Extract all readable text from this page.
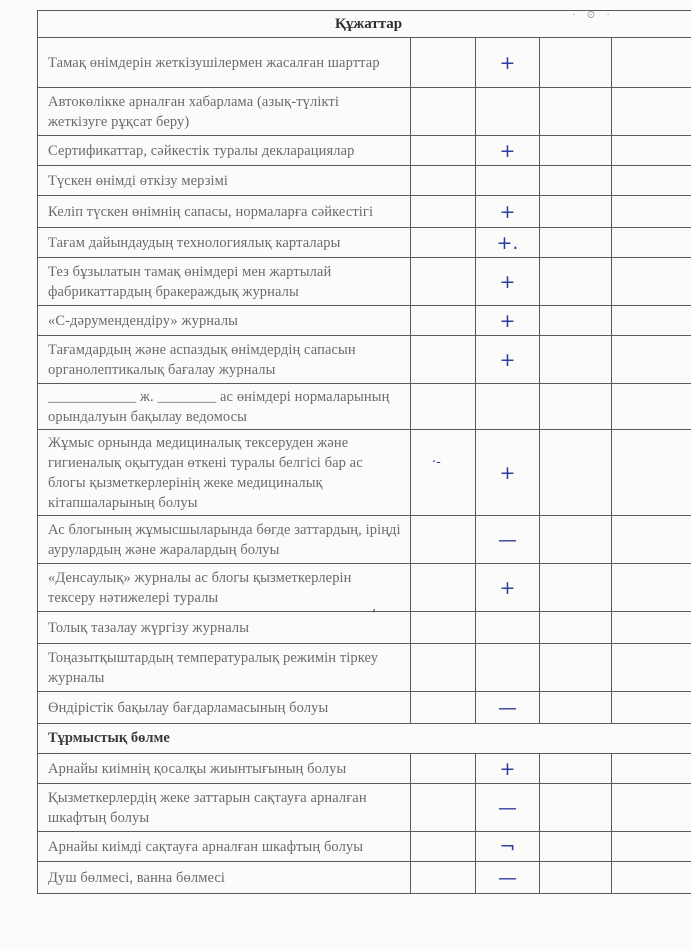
· ⊙ ·
Құжаттар				
Тамақ өнімдерін жеткізушілермен жасалған шарттар		+		
Автокөлікке арналған хабарлама (азық-түлікті жеткізуге рұқсат беру)				
Сертификаттар, сәйкестік туралы декларациялар		+		
Түскен өнімді өткізу мерзімі				
Келіп түскен өнімнің сапасы, нормаларға сәйкестігі		+		
Тағам дайындаудың технологиялық карталары		+.		
Тез бұзылатын тамақ өнімдері мен жартылай фабрикаттардың бракераждық журналы		+		
«С-дәрумендендіру» журналы		+		
Тағамдардың және аспаздық өнімдердің сапасын органолептикалық бағалау журналы		+		
____________ ж. ________ ас өнімдері нормаларының орындалуын бақылау ведомосы				
Жұмыс орнында медициналық тексеруден және гигиеналық оқытудан өткені туралы белгісі бар ас блогы қызметкерлерінің жеке медициналық кітапшаларының болуы		+		
Ас блогының жұмысшыларында бөгде заттардың, іріңді аурулардың және жаралардың болуы		—		
«Денсаулық» журналы ас блогы қызметкерлерін тексеру нәтижелері туралы		+		
Толық тазалау жүргізу журналы				
Тоңазытқыштардың температуралық режимін тіркеу журналы				
Өндірістік бақылау бағдарламасының болуы		—		
Тұрмыстық бөлме				
Арнайы киімнің қосалқы жиынтығының болуы		+		
Қызметкерлердің жеке заттарын сақтауға арналған шкафтың болуы		—		
Арнайы киімді сақтауға арналған шкафтың болуы		¬		
Душ бөлмесі, ванна бөлмесі		—		
·‐
,
